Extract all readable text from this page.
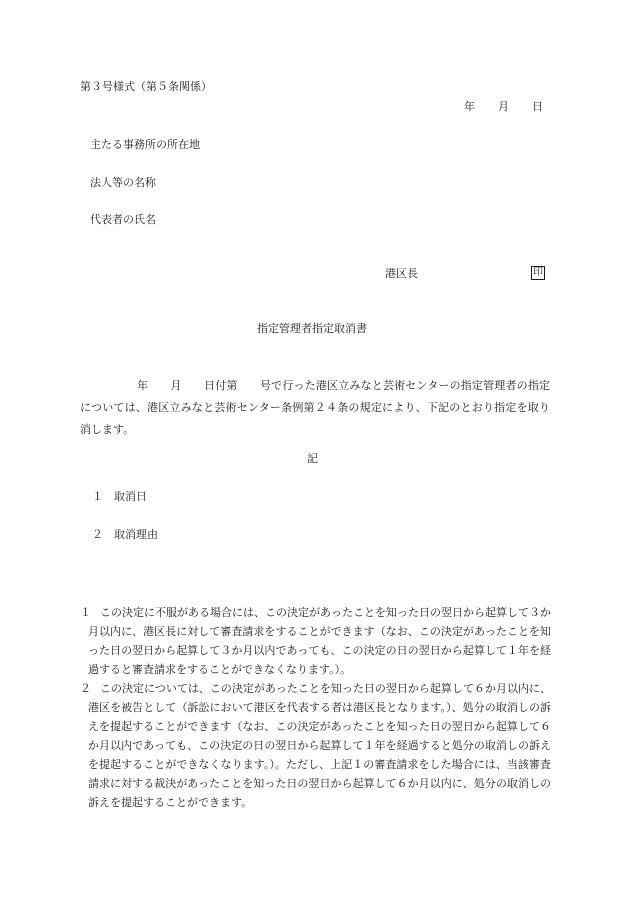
第３号様式（第５条関係）
年 月 日
主たる事務所の所在地
法人等の名称
代表者の氏名
港区長	印
指定管理者指定取消書
年　　月　　日付第　　号で行った港区立みなと芸術センターの指定管理者の指定については、港区立みなと芸術センター条例第２４条の規定により、下記のとおり指定を取り消します。
記
１ 取消日
２ 取消理由
１ この決定に不服がある場合には、この決定があったことを知った日の翌日から起算して３か月以内に、港区長に対して審査請求をすることができます（なお、この決定があったことを知った日の翌日から起算して３か月以内であっても、この決定の日の翌日から起算して１年を経過すると審査請求をすることができなくなります。）。
２ この決定については、この決定があったことを知った日の翌日から起算して６か月以内に、港区を被告として（訴訟において港区を代表する者は港区長となります。）、処分の取消しの訴えを提起することができます（なお、この決定があったことを知った日の翌日から起算して６か月以内であっても、この決定の日の翌日から起算して１年を経過すると処分の取消しの訴えを提起することができなくなります。）。ただし、上記１の審査請求をした場合には、当該審査請求に対する裁決があったことを知った日の翌日から起算して６か月以内に、処分の取消しの訴えを提起することができます。
